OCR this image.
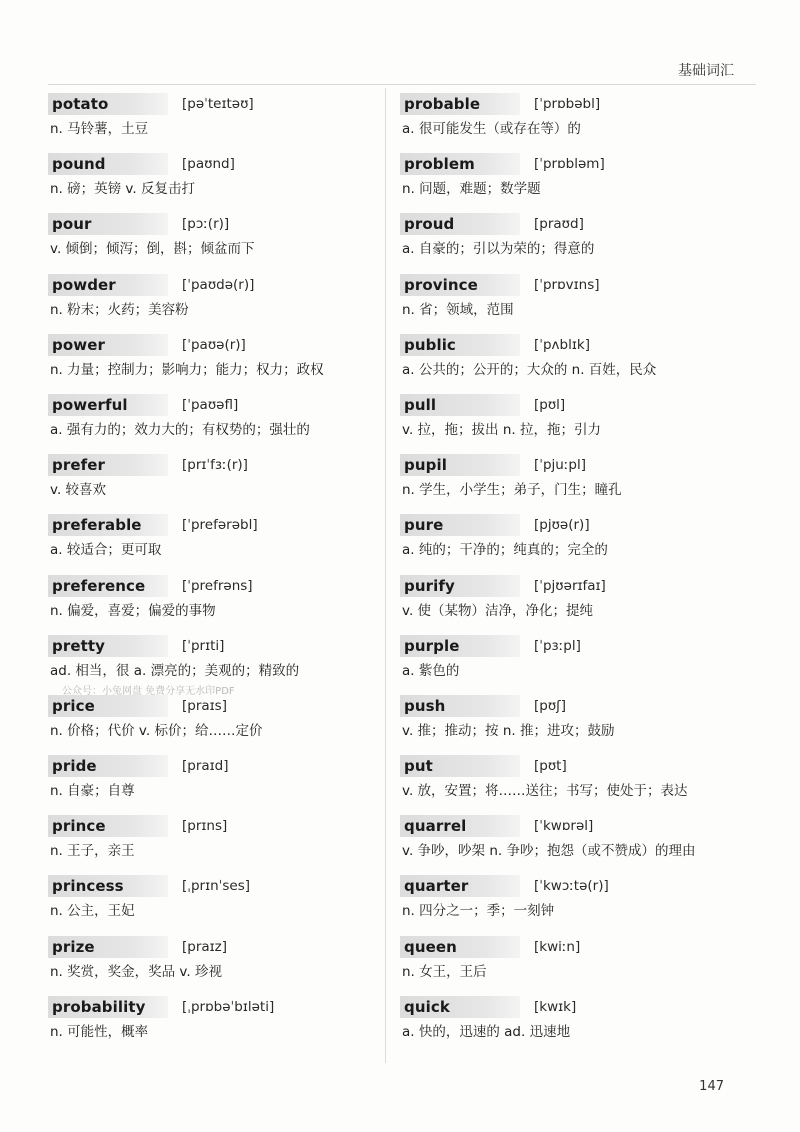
基础词汇
potato	[pəˈteɪtəʊ]
n. 马铃薯，土豆
pound	[paʊnd]
n. 磅；英镑 v. 反复击打
pour	[pɔː(r)]
v. 倾倒；倾泻；倒，斟；倾盆而下
powder	[ˈpaʊdə(r)]
n. 粉末；火药；美容粉
power	[ˈpaʊə(r)]
n. 力量；控制力；影响力；能力；权力；政权
powerful	[ˈpaʊəfl]
a. 强有力的；效力大的；有权势的；强壮的
prefer	[prɪˈfɜː(r)]
v. 较喜欢
preferable	[ˈprefərəbl]
a. 较适合；更可取
preference	[ˈprefrəns]
n. 偏爱，喜爱；偏爱的事物
pretty	[ˈprɪti]
ad. 相当，很 a. 漂亮的；美观的；精致的
price	[praɪs]
n. 价格；代价 v. 标价；给……定价
pride	[praɪd]
n. 自豪；自尊
prince	[prɪns]
n. 王子，亲王
princess	[ˌprɪnˈses]
n. 公主，王妃
prize	[praɪz]
n. 奖赏，奖金，奖品 v. 珍视
probability	[ˌprɒbəˈbɪləti]
n. 可能性，概率
probable	[ˈprɒbəbl]
a. 很可能发生（或存在等）的
problem	[ˈprɒbləm]
n. 问题，难题；数学题
proud	[praʊd]
a. 自豪的；引以为荣的；得意的
province	[ˈprɒvɪns]
n. 省；领域，范围
public	[ˈpʌblɪk]
a. 公共的；公开的；大众的 n. 百姓，民众
pull	[pʊl]
v. 拉，拖；拔出 n. 拉，拖；引力
pupil	[ˈpjuːpl]
n. 学生，小学生；弟子，门生；瞳孔
pure	[pjʊə(r)]
a. 纯的；干净的；纯真的；完全的
purify	[ˈpjʊərɪfaɪ]
v. 使（某物）洁净，净化；提纯
purple	[ˈpɜːpl]
a. 紫色的
push	[pʊʃ]
v. 推；推动；按 n. 推；进攻；鼓励
put	[pʊt]
v. 放，安置；将……送往；书写；使处于；表达
quarrel	[ˈkwɒrəl]
v. 争吵，吵架 n. 争吵；抱怨（或不赞成）的理由
quarter	[ˈkwɔːtə(r)]
n. 四分之一；季；一刻钟
queen	[kwiːn]
n. 女王，王后
quick	[kwɪk]
a. 快的，迅速的 ad. 迅速地
公众号：小兔网盘 免费分享无水印PDF
147
